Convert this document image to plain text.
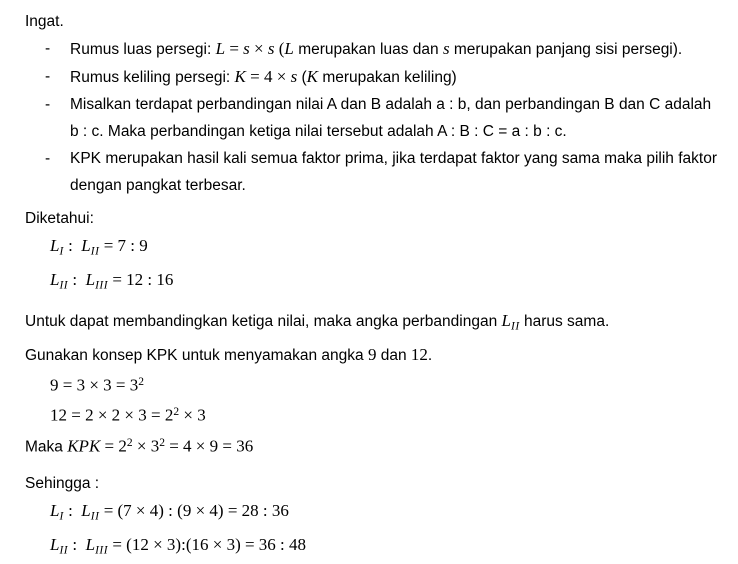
Ingat.

- Rumus luas persegi: L = s × s (L merupakan luas dan s merupakan panjang sisi persegi).
- Rumus keliling persegi: K = 4 × s (K merupakan keliling)
- Misalkan terdapat perbandingan nilai A dan B adalah a : b, dan perbandingan B dan C adalah b : c. Maka perbandingan ketiga nilai tersebut adalah A : B : C = a : b : c.
- KPK merupakan hasil kali semua faktor prima, jika terdapat faktor yang sama maka pilih faktor dengan pangkat terbesar.

Diketahui:

$L_I$ :  $L_{II} = 7$ : 9
$L_{II}$ :  $L_{III} = 12$ : 16

Untuk dapat membandingkan ketiga nilai, maka angka perbandingan $L_{II}$ harus sama.

Gunakan konsep KPK untuk menyamakan angka 9 dan 12.

$9 = 3 \times 3 = 3^2$
$12 = 2 \times 2 \times 3 = 2^2 \times 3$
Maka KPK = $2^2 \times 3^2 = 4 \times 9 = 36$

Sehingga :

$L_I$ :  $L_{II} = (7 \times 4)$ : (9 × 4) = 28 : 36
$L_{II}$ :  $L_{III} = (12$ × 3):(16 × 3) = 36 : 48
